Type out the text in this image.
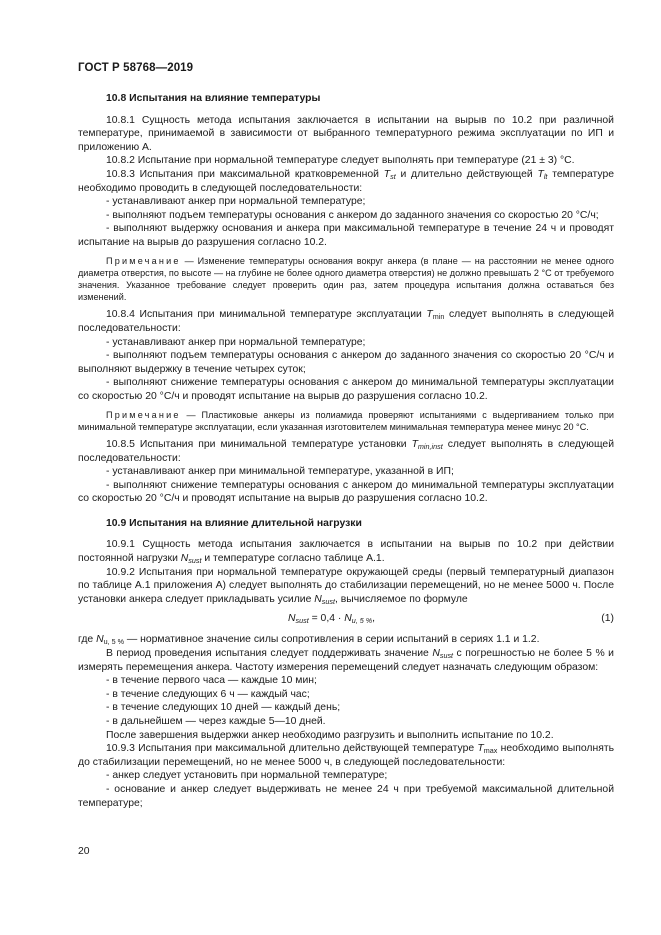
ГОСТ Р 58768—2019
10.8 Испытания на влияние температуры

10.8.1 Сущность метода испытания заключается в испытании на вырыв по 10.2 при различной температуре, принимаемой в зависимости от выбранного температурного режима эксплуатации по ИП и приложению А.

10.8.2 Испытание при нормальной температуре следует выполнять при температуре (21 ± 3) °С.

10.8.3 Испытания при максимальной кратковременной $T_{st}$ и длительно действующей $T_{lt}$ температуре необходимо проводить в следующей последовательности:

- устанавливают анкер при нормальной температуре;

- выполняют подъем температуры основания с анкером до заданного значения со скоростью 20 °С/ч;

- выполняют выдержку основания и анкера при максимальной температуре в течение 24 ч и проводят испытание на вырыв до разрушения согласно 10.2.

Примечание — Изменение температуры основания вокруг анкера (в плане — на расстоянии не менее одного диаметра отверстия, по высоте — на глубине не более одного диаметра отверстия) не должно превышать 2 °С от требуемого значения. Указанное требование следует проверить один раз, затем процедура испытания должна оставаться без изменений.

10.8.4 Испытания при минимальной температуре эксплуатации $T_{min}$ следует выполнять в следующей последовательности:

- устанавливают анкер при нормальной температуре;

- выполняют подъем температуры основания с анкером до заданного значения со скоростью 20 °С/ч и выполняют выдержку в течение четырех суток;

- выполняют снижение температуры основания с анкером до минимальной температуры эксплуатации со скоростью 20 °С/ч и проводят испытание на вырыв до разрушения согласно 10.2.

Примечание — Пластиковые анкеры из полиамида проверяют испытаниями с выдергиванием только при минимальной температуре эксплуатации, если указанная изготовителем минимальная температура менее минус 20 °С.

10.8.5 Испытания при минимальной температуре установки $T_{min,inst}$ следует выполнять в следующей последовательности:

- устанавливают анкер при минимальной температуре, указанной в ИП;

- выполняют снижение температуры основания с анкером до минимальной температуры эксплуатации со скоростью 20 °С/ч и проводят испытание на вырыв до разрушения согласно 10.2.

10.9 Испытания на влияние длительной нагрузки

10.9.1 Сущность метода испытания заключается в испытании на вырыв по 10.2 при действии постоянной нагрузки $N_{sust}$ и температуре согласно таблице А.1.

10.9.2 Испытания при нормальной температуре окружающей среды (первый температурный диапазон по таблице А.1 приложения А) следует выполнять до стабилизации перемещений, но не менее 5000 ч. После установки анкера следует прикладывать усилие $N_{sust}$, вычисляемое по формуле

$N_{sust} = 0,4 \cdot N_{u, 5 \%}$,	(1)

где $N_{u, 5 \%}$ — нормативное значение силы сопротивления в серии испытаний в сериях 1.1 и 1.2.

В период проведения испытания следует поддерживать значение $N_{sust}$ с погрешностью не более 5 % и измерять перемещения анкера. Частоту измерения перемещений следует назначать следующим образом:

- в течение первого часа — каждые 10 мин;

- в течение следующих 6 ч — каждый час;

- в течение следующих 10 дней — каждый день;

- в дальнейшем — через каждые 5—10 дней.

После завершения выдержки анкер необходимо разгрузить и выполнить испытание по 10.2.

10.9.3 Испытания при максимальной длительно действующей температуре $T_{max}$ необходимо выполнять до стабилизации перемещений, но не менее 5000 ч, в следующей последовательности:

- анкер следует установить при нормальной температуре;

- основание и анкер следует выдерживать не менее 24 ч при требуемой максимальной длительной температуре;

20
